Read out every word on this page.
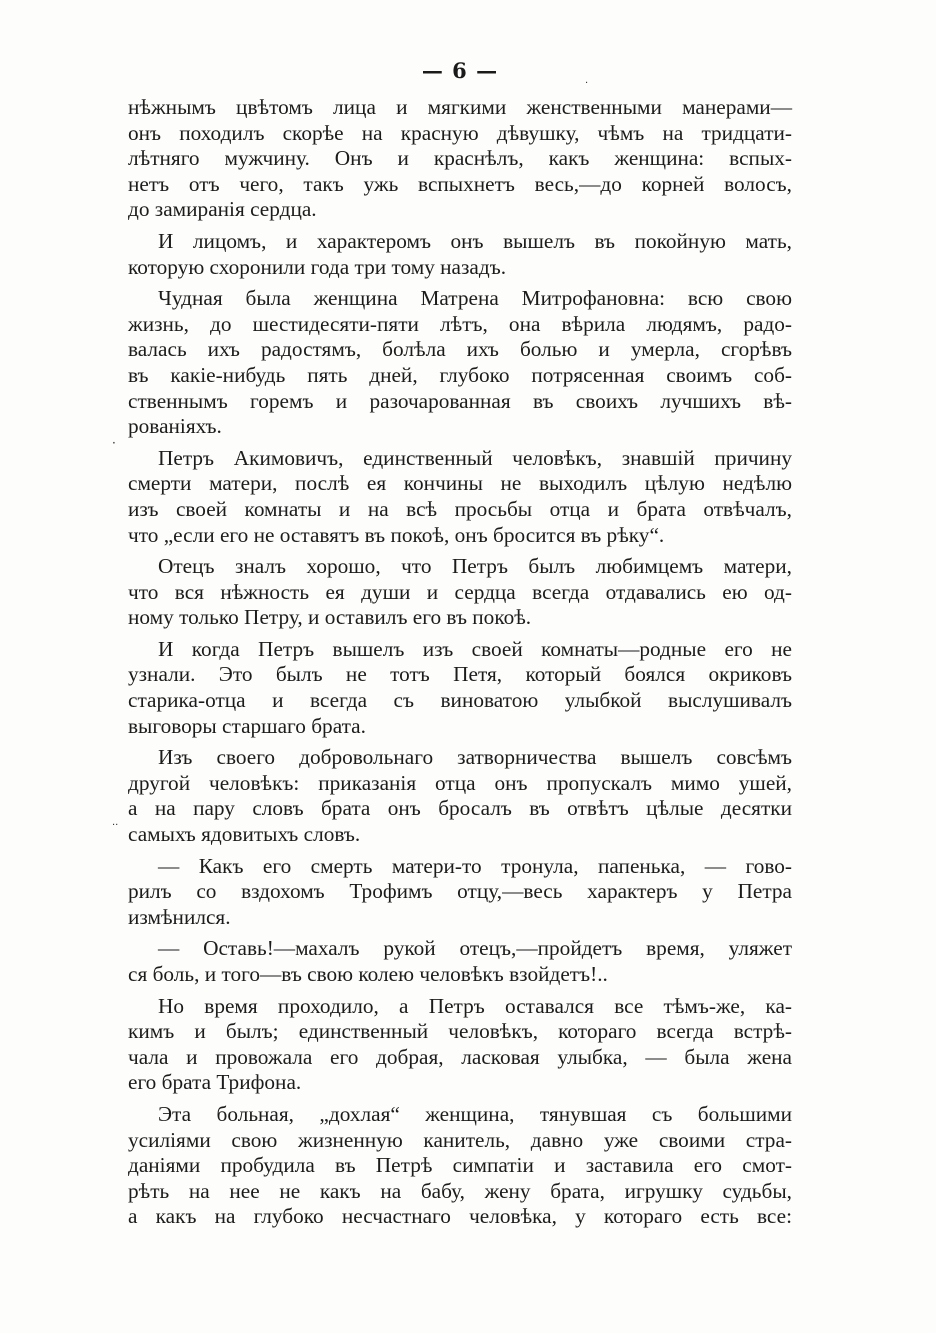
— 6 —
·
·
··
нѣжнымъ цвѣтомъ лица и мягкими женственными манерами—
онъ походилъ скорѣе на красную дѣвушку, чѣмъ на тридцати-
лѣтняго мужчину. Онъ и краснѣлъ, какъ женщина: вспых-
нетъ отъ чего, такъ ужь вспыхнетъ весь,—до корней волосъ,
до замиранія сердца.
И лицомъ, и характеромъ онъ вышелъ въ покойную мать,
которую схоронили года три тому назадъ.
Чудная была женщина Матрена Митрофановна: всю свою
жизнь, до шестидесяти-пяти лѣтъ, она вѣрила людямъ, радо-
валась ихъ радостямъ, болѣла ихъ болью и умерла, сгорѣвъ
въ какіе-нибудь пять дней, глубоко потрясенная своимъ соб-
ственнымъ горемъ и разочарованная въ своихъ лучшихъ вѣ-
рованіяхъ.
Петръ Акимовичъ, единственный человѣкъ, знавшій причину
смерти матери, послѣ ея кончины не выходилъ цѣлую недѣлю
изъ своей комнаты и на всѣ просьбы отца и брата отвѣчалъ,
что „если его не оставятъ въ покоѣ, онъ бросится въ рѣку“.
Отецъ зналъ хорошо, что Петръ былъ любимцемъ матери,
что вся нѣжность ея души и сердца всегда отдавались ею од-
ному только Петру, и оставилъ его въ покоѣ.
И когда Петръ вышелъ изъ своей комнаты—родные его не
узнали. Это былъ не тотъ Петя, который боялся окриковъ
старика-отца и всегда съ виноватою улыбкой выслушивалъ
выговоры старшаго брата.
Изъ своего добровольнаго затворничества вышелъ совсѣмъ
другой человѣкъ: приказанія отца онъ пропускалъ мимо ушей,
а на пару словъ брата онъ бросалъ въ отвѣтъ цѣлые десятки
самыхъ ядовитыхъ словъ.
— Какъ его смерть матери-то тронула, папенька, — гово-
рилъ со вздохомъ Трофимъ отцу,—весь характеръ у Петра
измѣнился.
— Оставь!—махалъ рукой отецъ,—пройдетъ время, уляжет
ся боль, и того—въ свою колею человѣкъ взойдетъ!..
Но время проходило, а Петръ оставался все тѣмъ-же, ка-
кимъ и былъ; единственный человѣкъ, котораго всегда встрѣ-
чала и провожала его добрая, ласковая улыбка, — была жена
его брата Трифона.
Эта больная, „дохлая“ женщина, тянувшая съ большими
усиліями свою жизненную канитель, давно уже своими стра-
даніями пробудила въ Петрѣ симпатіи и заставила его смот-
рѣть на нее не какъ на бабу, жену брата, игрушку судьбы,
а какъ на глубоко несчастнаго человѣка, у котораго есть все:
